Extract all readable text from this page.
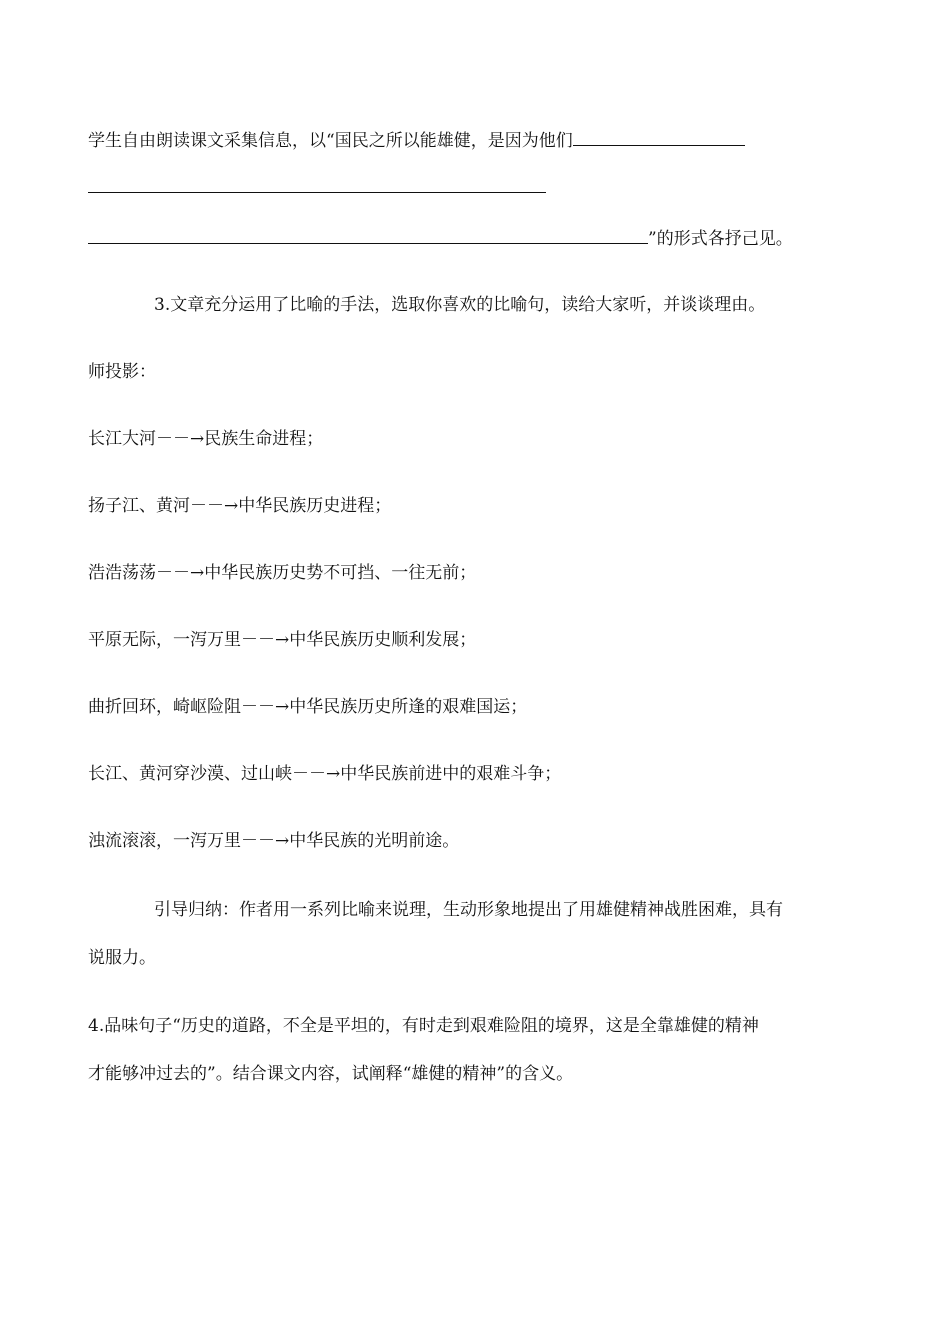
学生自由朗读课文采集信息，以“国民之所以能雄健，是因为他们
”的形式各抒己见。
3.文章充分运用了比喻的手法，选取你喜欢的比喻句，读给大家听，并谈谈理由。
师投影：
长江大河－－→民族生命进程；
扬子江、黄河－－→中华民族历史进程；
浩浩荡荡－－→中华民族历史势不可挡、一往无前；
平原无际，一泻万里－－→中华民族历史顺利发展；
曲折回环，崎岖险阻－－→中华民族历史所逢的艰难国运；
长江、黄河穿沙漠、过山峡－－→中华民族前进中的艰难斗争；
浊流滚滚，一泻万里－－→中华民族的光明前途。
引导归纳：作者用一系列比喻来说理，生动形象地提出了用雄健精神战胜困难，具有
说服力。
4.品味句子“历史的道路，不全是平坦的，有时走到艰难险阻的境界，这是全靠雄健的精神
才能够冲过去的”。结合课文内容，试阐释“雄健的精神”的含义。
